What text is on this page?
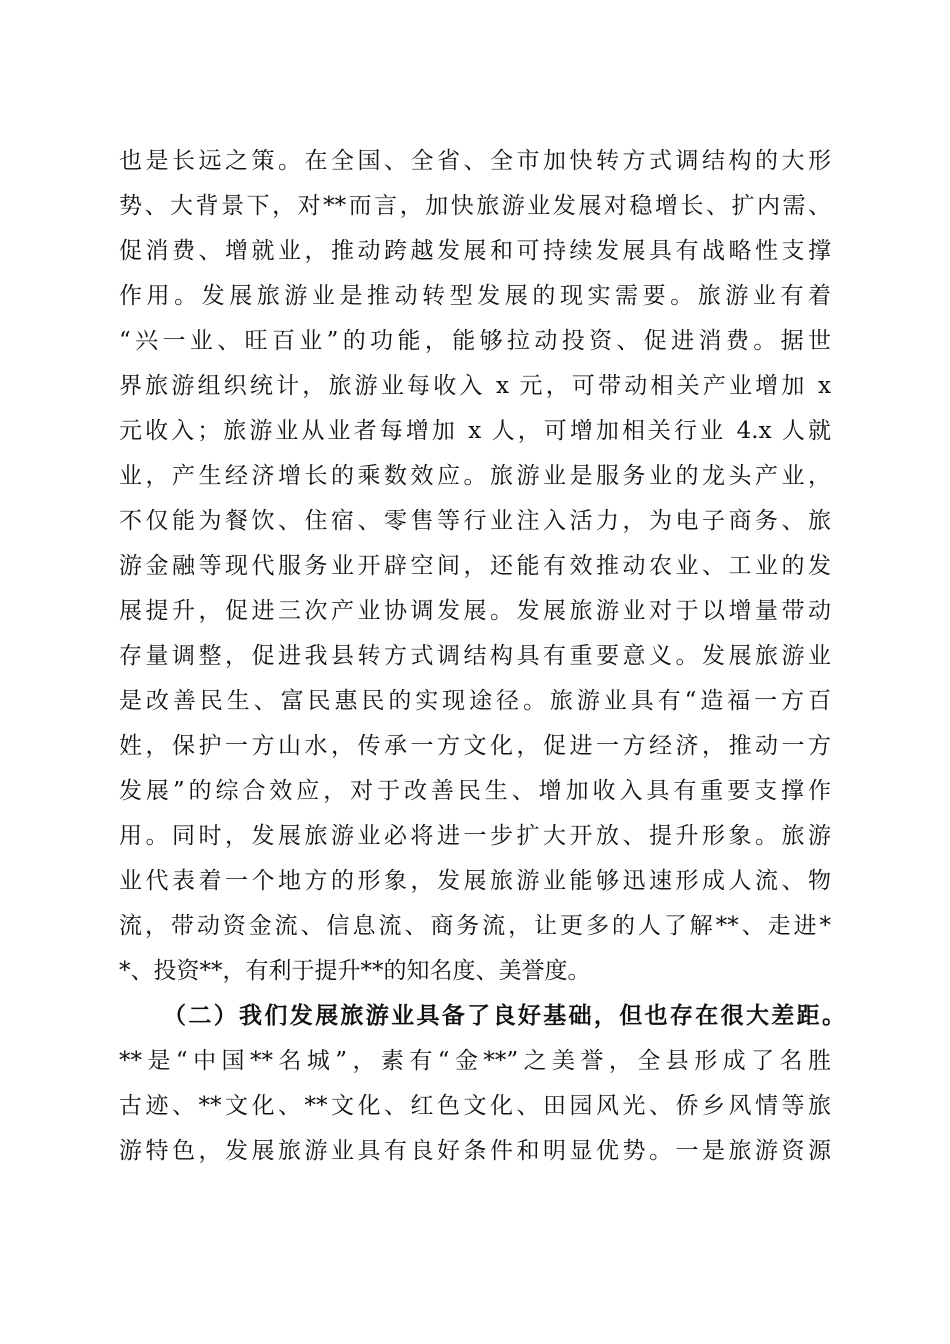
也是长远之策。在全国、全省、全市加快转方式调结构的大形
势、大背景下，对**而言，加快旅游业发展对稳增长、扩内需、
促消费、增就业，推动跨越发展和可持续发展具有战略性支撑
作用。发展旅游业是推动转型发展的现实需要。旅游业有着
“兴一业、旺百业”的功能，能够拉动投资、促进消费。据世
界旅游组织统计，旅游业每收入 x 元，可带动相关产业增加 x
元收入；旅游业从业者每增加 x 人，可增加相关行业 4.x 人就
业，产生经济增长的乘数效应。旅游业是服务业的龙头产业，
不仅能为餐饮、住宿、零售等行业注入活力，为电子商务、旅
游金融等现代服务业开辟空间，还能有效推动农业、工业的发
展提升，促进三次产业协调发展。发展旅游业对于以增量带动
存量调整，促进我县转方式调结构具有重要意义。发展旅游业
是改善民生、富民惠民的实现途径。旅游业具有“造福一方百
姓，保护一方山水，传承一方文化，促进一方经济，推动一方
发展”的综合效应，对于改善民生、增加收入具有重要支撑作
用。同时，发展旅游业必将进一步扩大开放、提升形象。旅游
业代表着一个地方的形象，发展旅游业能够迅速形成人流、物
流，带动资金流、信息流、商务流，让更多的人了解**、走进*
*、投资**，有利于提升**的知名度、美誉度。
（二）我们发展旅游业具备了良好基础，但也存在很大差距。
**是“中国**名城”，素有“金**”之美誉，全县形成了名胜
古迹、**文化、**文化、红色文化、田园风光、侨乡风情等旅
游特色，发展旅游业具有良好条件和明显优势。一是旅游资源
